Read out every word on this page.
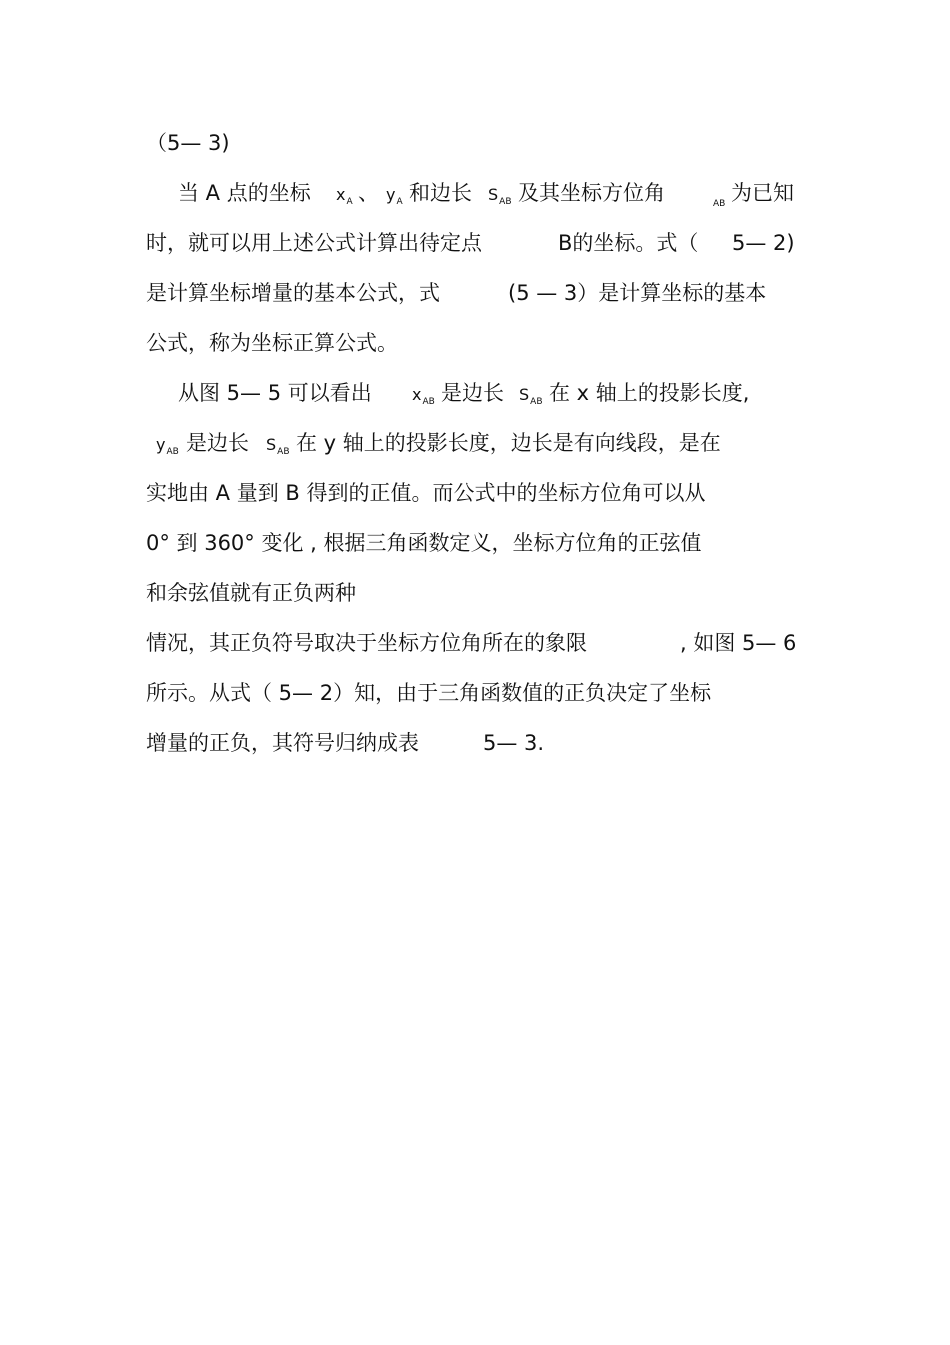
（5— 3)
当 A 点的坐标 xA 、 yA 和边长 SAB 及其坐标方位角	$_{AB}$ 为已知
时，就可以用上述公式计算出待定点	B的坐标。式（ 5— 2)
是计算坐标增量的基本公式，式	(5 — 3）是计算坐标的基本
公式，称为坐标正算公式。
从图 5— 5 可以看出	xAB 是边长 SAB 在 x 轴上的投影长度,
yAB 是边长 SAB 在 y 轴上的投影长度，边长是有向线段，是在
实地由 A 量到 B 得到的正值。而公式中的坐标方位角可以从
0° 到 360° 变化 , 根据三角函数定义，坐标方位角的正弦值
和余弦值就有正负两种
情况，其正负符号取决于坐标方位角所在的象限	, 如图 5— 6
所示。从式（ 5— 2）知，由于三角函数值的正负决定了坐标
增量的正负，其符号归纳成表	5— 3.
